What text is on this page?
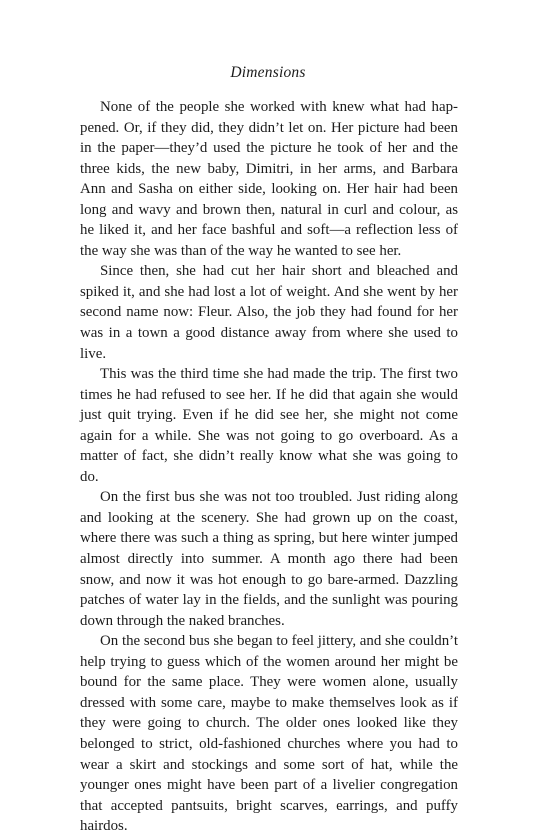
Dimensions

None of the people she worked with knew what had happened. Or, if they did, they didn’t let on. Her picture had been in the paper—they’d used the picture he took of her and the three kids, the new baby, Dimitri, in her arms, and Barbara Ann and Sasha on either side, looking on. Her hair had been long and wavy and brown then, natural in curl and colour, as he liked it, and her face bashful and soft—a reflection less of the way she was than of the way he wanted to see her.

Since then, she had cut her hair short and bleached and spiked it, and she had lost a lot of weight. And she went by her second name now: Fleur. Also, the job they had found for her was in a town a good distance away from where she used to live.

This was the third time she had made the trip. The first two times he had refused to see her. If he did that again she would just quit trying. Even if he did see her, she might not come again for a while. She was not going to go overboard. As a matter of fact, she didn’t really know what she was going to do.

On the first bus she was not too troubled. Just riding along and looking at the scenery. She had grown up on the coast, where there was such a thing as spring, but here winter jumped almost directly into summer. A month ago there had been snow, and now it was hot enough to go bare-armed. Dazzling patches of water lay in the fields, and the sunlight was pouring down through the naked branches.

On the second bus she began to feel jittery, and she couldn’t help trying to guess which of the women around her might be bound for the same place. They were women alone, usually dressed with some care, maybe to make themselves look as if they were going to church. The older ones looked like they belonged to strict, old-fashioned churches where you had to wear a skirt and stockings and some sort of hat, while the younger ones might have been part of a livelier congregation that accepted pantsuits, bright scarves, earrings, and puffy hairdos.
